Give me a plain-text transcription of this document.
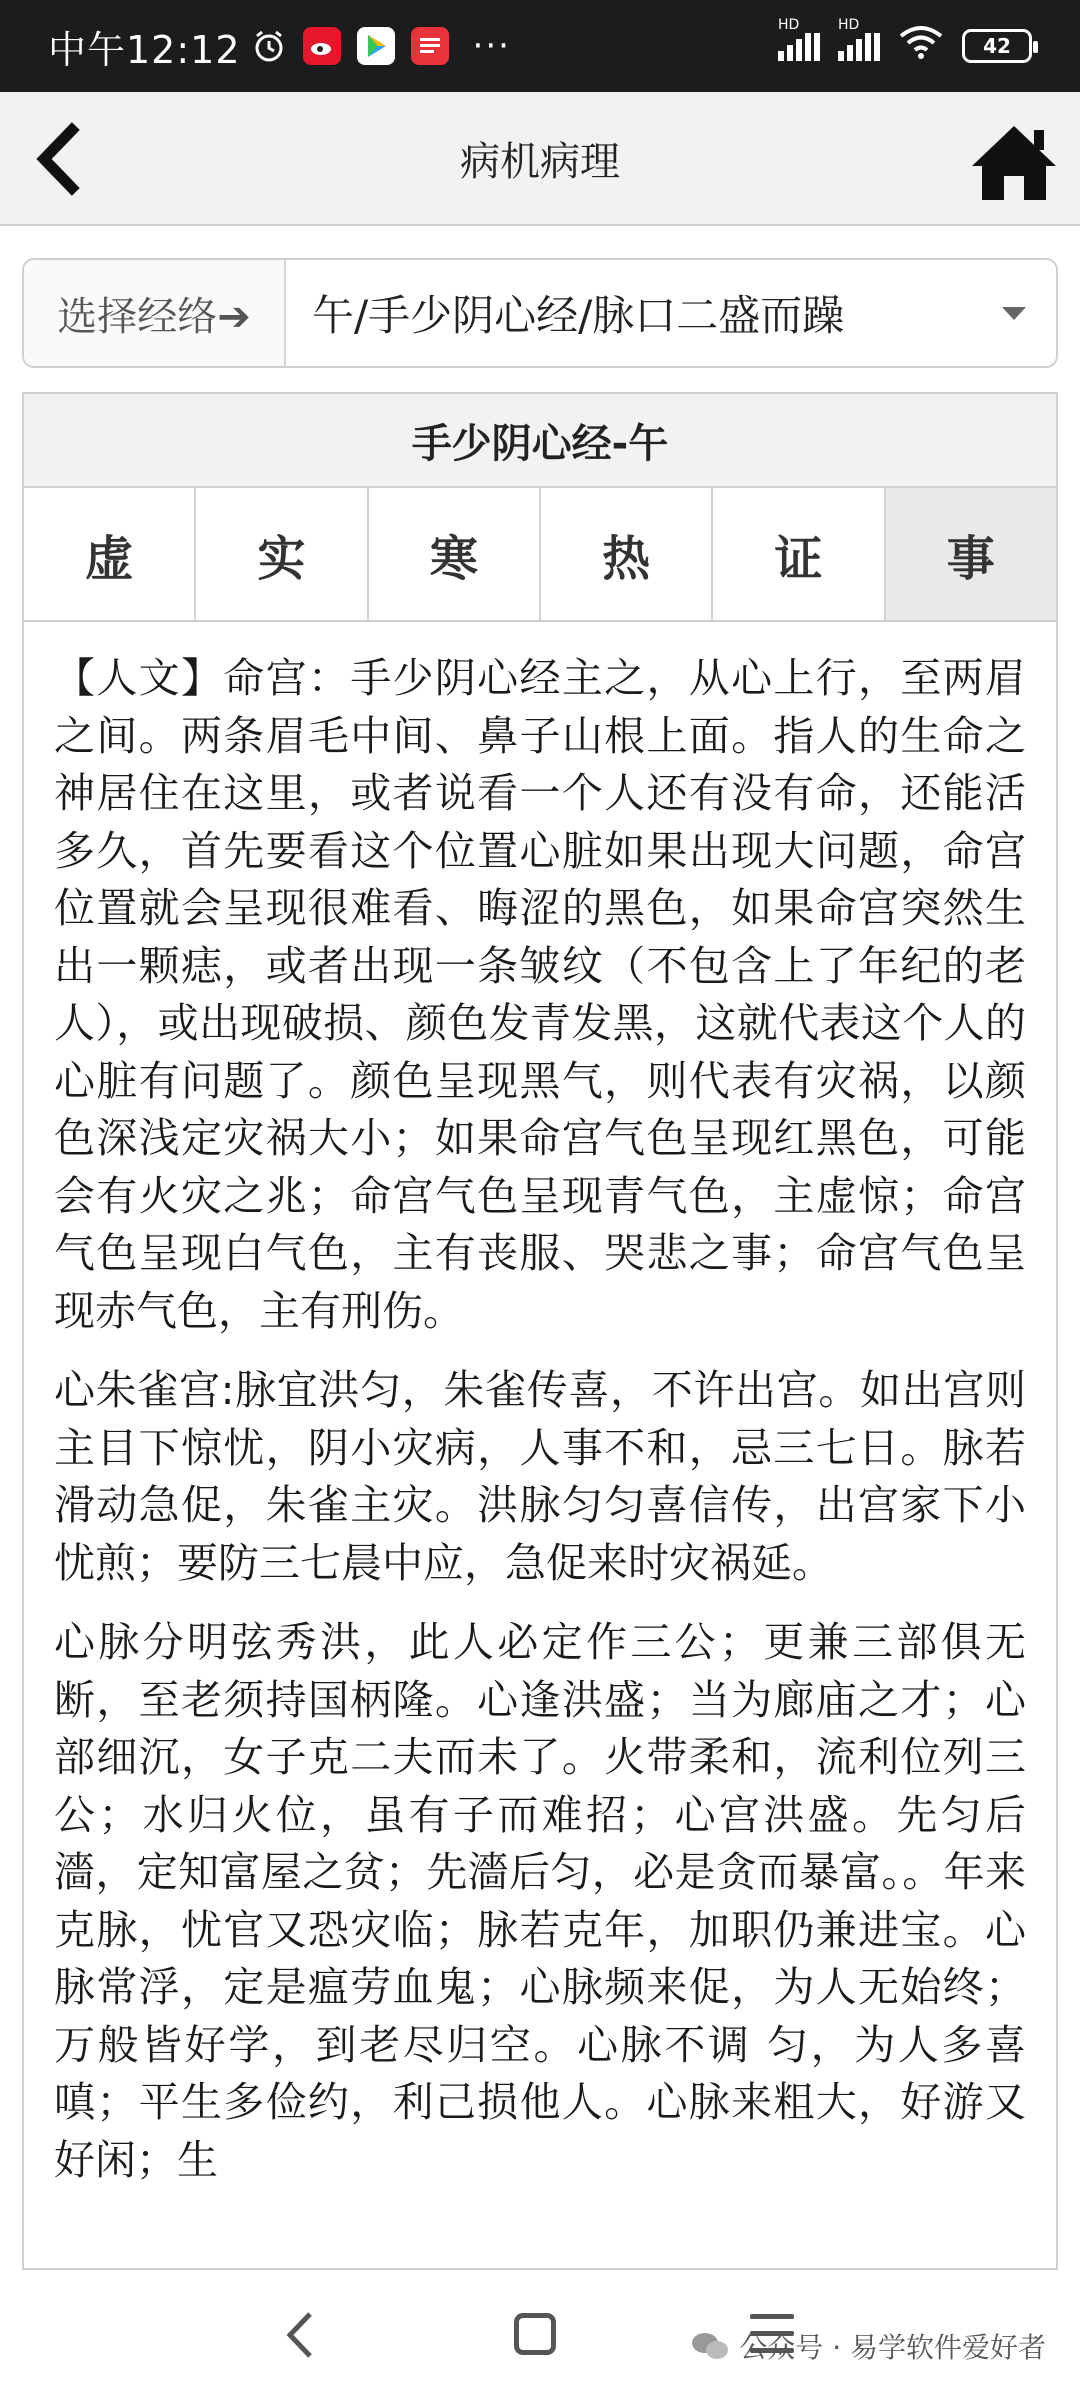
中午12:12	···
HD	HD
42
病机病理
选择经络➔	午/手少阴心经/脉口二盛而躁
手少阴心经-午
虚	实	寒	热	证	事

【人文】命宫：手少阴心经主之，从心上行，至两眉之间。两条眉毛中间、鼻子山根上面。指人的生命之神居住在这里，或者说看一个人还有没有命，还能活多久，首先要看这个位置心脏如果出现大问题，命宫位置就会呈现很难看、晦涩的黑色，如果命宫突然生出一颗痣，或者出现一条皱纹（不包含上了年纪的老人），或出现破损、颜色发青发黑，这就代表这个人的心脏有问题了。颜色呈现黑气，则代表有灾祸，以颜色深浅定灾祸大小；如果命宫气色呈现红黑色，可能会有火灾之兆；命宫气色呈现青气色，主虚惊；命宫气色呈现白气色，主有丧服、哭悲之事；命宫气色呈现赤气色，主有刑伤。

心朱雀宫:脉宜洪匀，朱雀传喜，不许出宫。如出宫则主目下惊忧，阴小灾病，人事不和，忌三七日。脉若滑动急促，朱雀主灾。洪脉匀匀喜信传，出宫家下小忧煎；要防三七晨中应，急促来时灾祸延。

心脉分明弦秀洪，此人必定作三公；更兼三部俱无断，至老须持国柄隆。心逢洪盛；当为廊庙之才；心部细沉，女子克二夫而未了。火带柔和，流利位列三公；水归火位，虽有子而难招；心宫洪盛。先匀后濇，定知富屋之贫；先濇后匀，必是贪而暴富。。年来克脉，忧官又恐灾临；脉若克年，加职仍兼进宝。心脉常浮，定是瘟劳血鬼；心脉频来促，为人无始终；万般皆好学，到老尽归空。心脉不调 匀，为人多喜嗔；平生多俭约，利己损他人。心脉来粗大，好游又好闲；生

公众号 · 易学软件爱好者
